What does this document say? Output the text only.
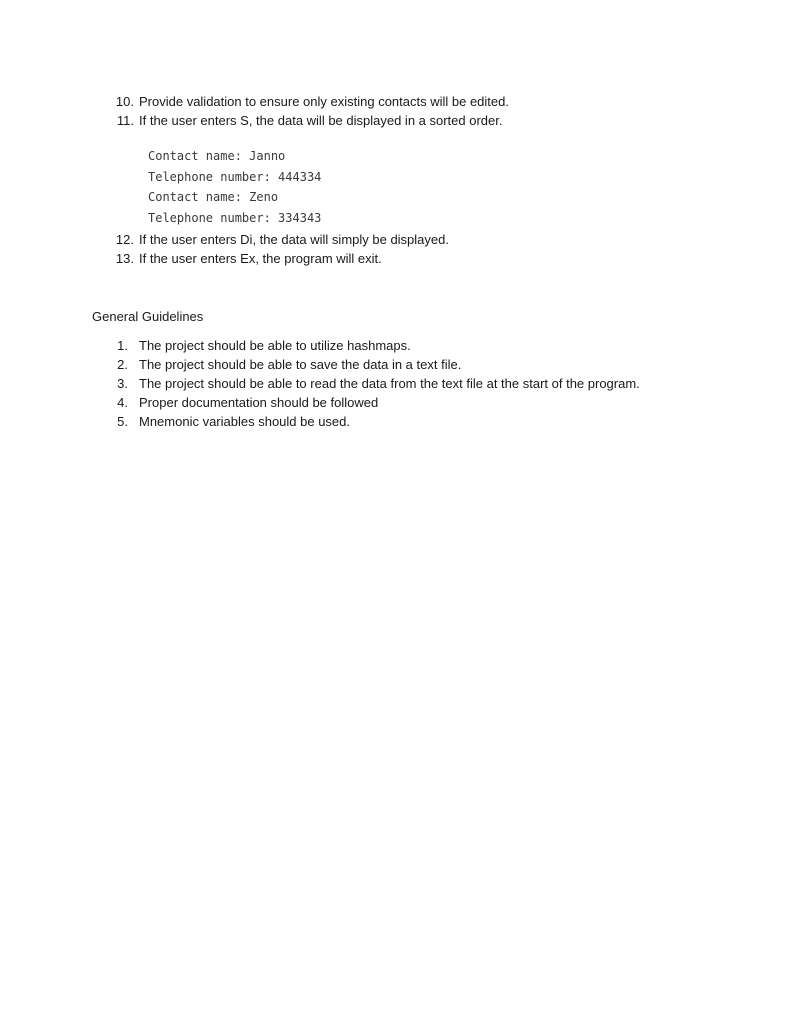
10. Provide validation to ensure only existing contacts will be edited.
11. If the user enters S, the data will be displayed in a sorted order.
Contact name: Janno
Telephone number: 444334
Contact name: Zeno
Telephone number: 334343
12. If the user enters Di, the data will simply be displayed.
13. If the user enters Ex, the program will exit.
General Guidelines
1. The project should be able to utilize hashmaps.
2. The project should be able to save the data in a text file.
3. The project should be able to read the data from the text file at the start of the program.
4. Proper documentation should be followed
5. Mnemonic variables should be used.
